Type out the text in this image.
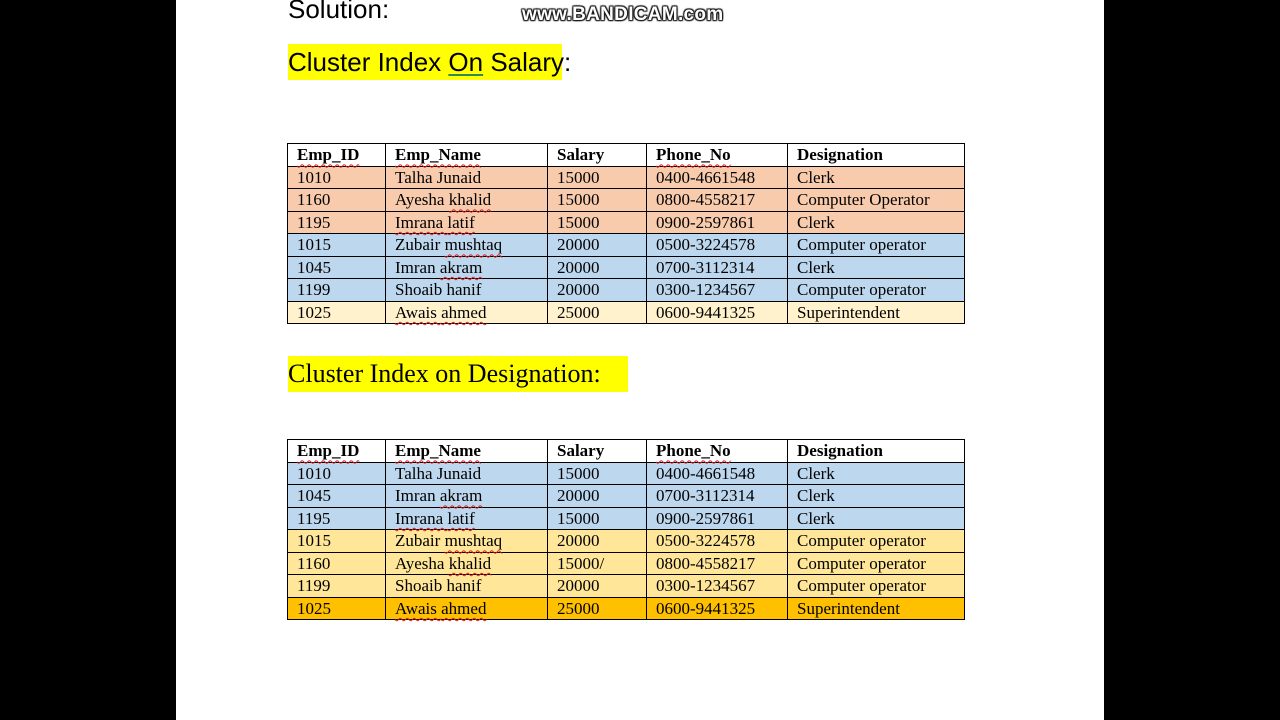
Solution:
Cluster Index On Salary:
Cluster Index on Designation:
www.BANDICAM.com
Emp_ID	Emp_Name	Salary	Phone_No	Designation
1010	Talha Junaid	15000	0400-4661548	Clerk
1160	Ayesha khalid	15000	0800-4558217	Computer Operator
1195	Imrana latif	15000	0900-2597861	Clerk
1015	Zubair mushtaq	20000	0500-3224578	Computer operator
1045	Imran akram	20000	0700-3112314	Clerk
1199	Shoaib hanif	20000	0300-1234567	Computer operator
1025	Awais ahmed	25000	0600-9441325	Superintendent
Emp_ID	Emp_Name	Salary	Phone_No	Designation
1010	Talha Junaid	15000	0400-4661548	Clerk
1045	Imran akram	20000	0700-3112314	Clerk
1195	Imrana latif	15000	0900-2597861	Clerk
1015	Zubair mushtaq	20000	0500-3224578	Computer operator
1160	Ayesha khalid	15000/	0800-4558217	Computer operator
1199	Shoaib hanif	20000	0300-1234567	Computer operator
1025	Awais ahmed	25000	0600-9441325	Superintendent
